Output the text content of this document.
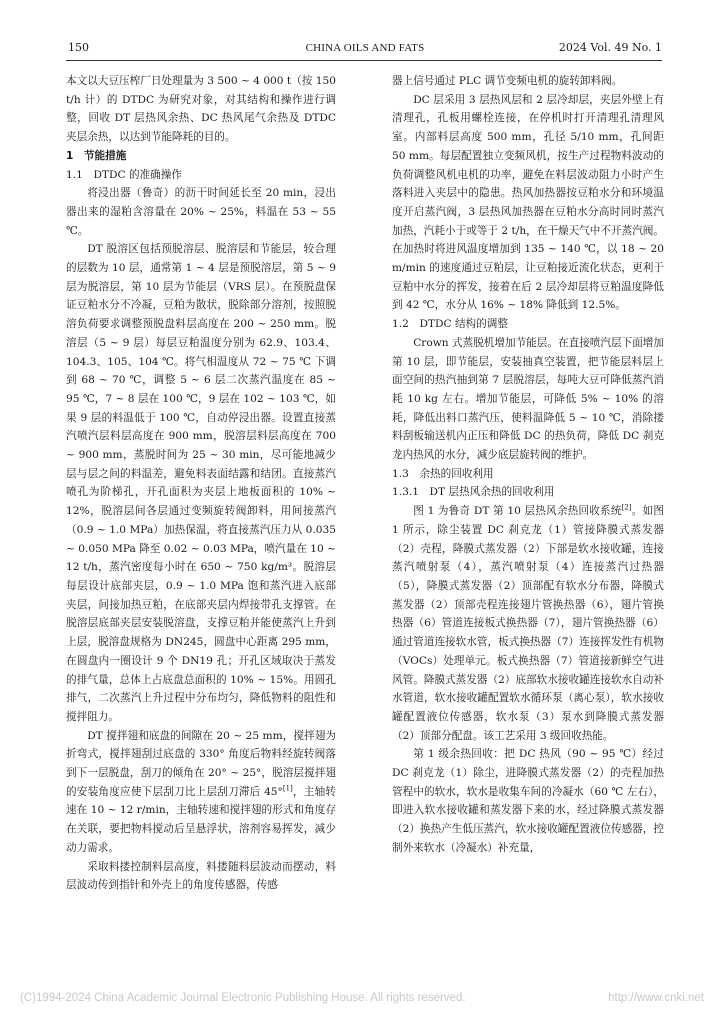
150	CHINA OILS AND FATS	2024 Vol. 49 No. 1

本文以大豆压榨厂日处理量为 3 500 ~ 4 000 t（按 150 t/h 计）的 DTDC 为研究对象，对其结构和操作进行调整，回收 DT 层热风余热、DC 热风尾气余热及 DTDC 夹层余热，以达到节能降耗的目的。

1　节能措施
1.1　DTDC 的准确操作

将浸出器（鲁奇）的沥干时间延长至 20 min，浸出器出来的湿粕含溶量在 20% ~ 25%，料温在 53 ~ 55 ℃。

DT 脱溶区包括预脱溶层、脱溶层和节能层，较合理的层数为 10 层，通常第 1 ~ 4 层是预脱溶层，第 5 ~ 9 层为脱溶层，第 10 层为节能层（VRS 层）。在预脱盘保证豆粕水分不冷凝，豆粕为散状，脱除部分溶剂，按照脱溶负荷要求调整预脱盘料层高度在 200 ~ 250 mm。脱溶层（5 ~ 9 层）每层豆粕温度分别为 62.9、103.4、104.3、105、104 ℃。将气相温度从 72 ~ 75 ℃ 下调到 68 ~ 70 ℃，调整 5 ~ 6 层二次蒸汽温度在 85 ~ 95 ℃，7 ~ 8 层在 100 ℃，9 层在 102 ~ 103 ℃，如果 9 层的料温低于 100 ℃，自动停浸出器。设置直接蒸汽喷汽层料层高度在 900 mm，脱溶层料层高度在 700 ~ 900 mm，蒸脱时间为 25 ~ 30 min，尽可能地减少层与层之间的料温差，避免料表面结露和结团。直接蒸汽喷孔为阶梯孔，开孔面积为夹层上地板面积的 10% ~ 12%，脱溶层间各层通过变频旋转阀卸料，用间接蒸汽（0.9 ~ 1.0 MPa）加热保温，将直接蒸汽压力从 0.035 ~ 0.050 MPa 降至 0.02 ~ 0.03 MPa，喷汽量在 10 ~ 12 t/h，蒸汽密度每小时在 650 ~ 750 kg/m³。脱溶层每层设计底部夹层，0.9 ~ 1.0 MPa 饱和蒸汽进入底部夹层，间接加热豆粕，在底部夹层内焊接带孔支撑管。在脱溶层底部夹层安装脱溶盘，支撑豆粕并能使蒸汽上升到上层，脱溶盘规格为 DN245，圆盘中心距离 295 mm，在圆盘内一圈设计 9 个 DN19 孔；开孔区域取决于蒸发的排气量，总体上占底盘总面积的 10% ~ 15%。用圆孔排气，二次蒸汽上升过程中分布均匀，降低物料的阻性和搅拌阻力。

DT 搅拌翅和底盘的间隙在 20 ~ 25 mm，搅拌翅为折弯式，搅拌翅刮过底盘的 330° 角度后物料经旋转阀落到下一层脱盘，刮刀的倾角在 20° ~ 25°，脱溶层搅拌翅的安装角度应使下层刮刀比上层刮刀滞后 45°[1]，主轴转速在 10 ~ 12 r/min，主轴转速和搅拌翅的形式和角度存在关联，要把物料搅动后呈悬浮状，溶剂容易挥发，减少动力需求。

采取料搂控制料层高度，料搂随料层波动而摆动，料层波动传到指针和外壳上的角度传感器，传感

器上信号通过 PLC 调节变频电机的旋转卸料阀。

DC 层采用 3 层热风层和 2 层冷却层，夹层外壁上有清理孔，孔板用螺栓连接，在停机时打开清理孔清理风室。内部料层高度 500 mm，孔径 5/10 mm，孔间距 50 mm。每层配置独立变频风机，按生产过程物料波动的负荷调整风机电机的功率，避免在料层波动阻力小时产生落料进入夹层中的隐患。热风加热器按豆粕水分和环境温度开启蒸汽阀，3 层热风加热器在豆粕水分高时同时蒸汽加热，汽耗小于或等于 2 t/h，在干燥天气中不开蒸汽阀。在加热时将进风温度增加到 135 ~ 140 ℃，以 18 ~ 20 m/min 的速度通过豆粕层，让豆粕接近流化状态，更利于豆粕中水分的挥发，接着在后 2 层冷却层将豆粕温度降低到 42 ℃，水分从 16% ~ 18% 降低到 12.5%。

1.2　DTDC 结构的调整

Crown 式蒸脱机增加节能层。在直接喷汽层下面增加第 10 层，即节能层，安装抽真空装置，把节能层料层上面空间的热汽抽到第 7 层脱溶层，每吨大豆可降低蒸汽消耗 10 kg 左右。增加节能层，可降低 5% ~ 10% 的溶耗，降低出料口蒸汽压，使料温降低 5 ~ 10 ℃，消除搂料刮板输送机内正压和降低 DC 的热负荷，降低 DC 刹克龙内热风的水分，减少底层旋转阀的维护。

1.3　余热的回收利用
1.3.1　DT 层热风余热的回收利用

图 1 为鲁奇 DT 第 10 层热风余热回收系统[2]。如图 1 所示，除尘装置 DC 刹克龙（1）管接降膜式蒸发器（2）壳程，降膜式蒸发器（2）下部是软水接收罐，连接蒸汽喷射泵（4），蒸汽喷射泵（4）连接蒸汽过热器（5），降膜式蒸发器（2）顶部配有软水分布器，降膜式蒸发器（2）顶部壳程连接翅片管换热器（6），翅片管换热器（6）管道连接板式换热器（7），翅片管换热器（6）通过管道连接软水管，板式换热器（7）连接挥发性有机物（VOCs）处理单元。板式换热器（7）管道接新鲜空气进风管。降膜式蒸发器（2）底部软水接收罐连接软水自动补水管道，软水接收罐配置软水循环泵（离心泵），软水接收罐配置液位传感器，软水泵（3）泵水到降膜式蒸发器（2）顶部分配盘。该工艺采用 3 级回收热能。

第 1 级余热回收：把 DC 热风（90 ~ 95 ℃）经过 DC 刹克龙（1）除尘，进降膜式蒸发器（2）的壳程加热管程中的软水，软水是收集车间的冷凝水（60 ℃ 左右），即进入软水接收罐和蒸发器下来的水，经过降膜式蒸发器（2）换热产生低压蒸汽，软水接收罐配置液位传感器，控制外来软水（冷凝水）补充量，

(C)1994-2024 China Academic Journal Electronic Publishing House. All rights reserved.	http://www.cnki.net
